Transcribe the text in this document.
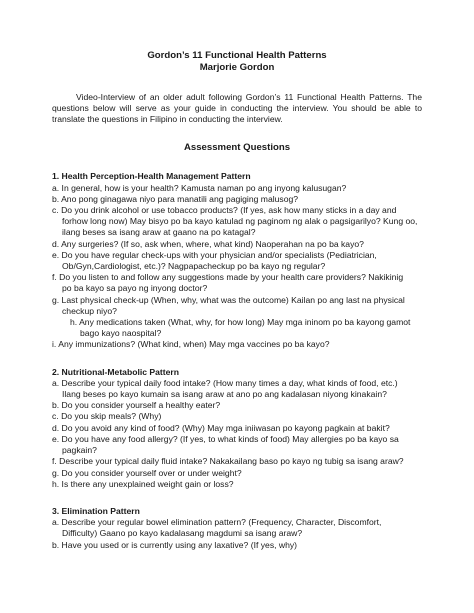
Gordon’s 11 Functional Health Patterns
Marjorie Gordon
Video-Interview of an older adult following Gordon’s 11 Functional Health Patterns. The questions below will serve as your guide in conducting the interview. You should be able to translate the questions in Filipino in conducting the interview.
Assessment Questions
1. Health Perception-Health Management Pattern
a. In general, how is your health? Kamusta naman po ang inyong kalusugan?
b. Ano pong ginagawa niyo para manatili ang pagiging malusog?
c. Do you drink alcohol or use tobacco products? (If yes, ask how many sticks in a day and
forhow long now) May bisyo po ba kayo katulad ng paginom ng alak o pagsigarilyo? Kung oo,
ilang beses sa isang araw at gaano na po katagal?
d. Any surgeries? (If so, ask when, where, what kind) Naoperahan na po ba kayo?
e. Do you have regular check-ups with your physician and/or specialists (Pediatrician,
Ob/Gyn,Cardiologist, etc.)? Nagpapacheckup po ba kayo ng regular?
f. Do you listen to and follow any suggestions made by your health care providers? Nakikinig
po ba kayo sa payo ng inyong doctor?
g. Last physical check-up (When, why, what was the outcome) Kailan po ang last na physical
checkup niyo?
h. Any medications taken (What, why, for how long) May mga ininom po ba kayong gamot
bago kayo naospital?
i. Any immunizations? (What kind, when) May mga vaccines po ba kayo?
2. Nutritional-Metabolic Pattern
a. Describe your typical daily food intake? (How many times a day, what kinds of food, etc.)
Ilang beses po kayo kumain sa isang araw at ano po ang kadalasan niyong kinakain?
b. Do you consider yourself a healthy eater?
c. Do you skip meals? (Why)
d. Do you avoid any kind of food? (Why) May mga iniiwasan po kayong pagkain at bakit?
e. Do you have any food allergy? (If yes, to what kinds of food) May allergies po ba kayo sa
pagkain?
f. Describe your typical daily fluid intake? Nakakailang baso po kayo ng tubig sa isang araw?
g. Do you consider yourself over or under weight?
h. Is there any unexplained weight gain or loss?
3. Elimination Pattern
a. Describe your regular bowel elimination pattern? (Frequency, Character, Discomfort,
Difficulty) Gaano po kayo kadalasang magdumi sa isang araw?
b. Have you used or is currently using any laxative? (If yes, why)
